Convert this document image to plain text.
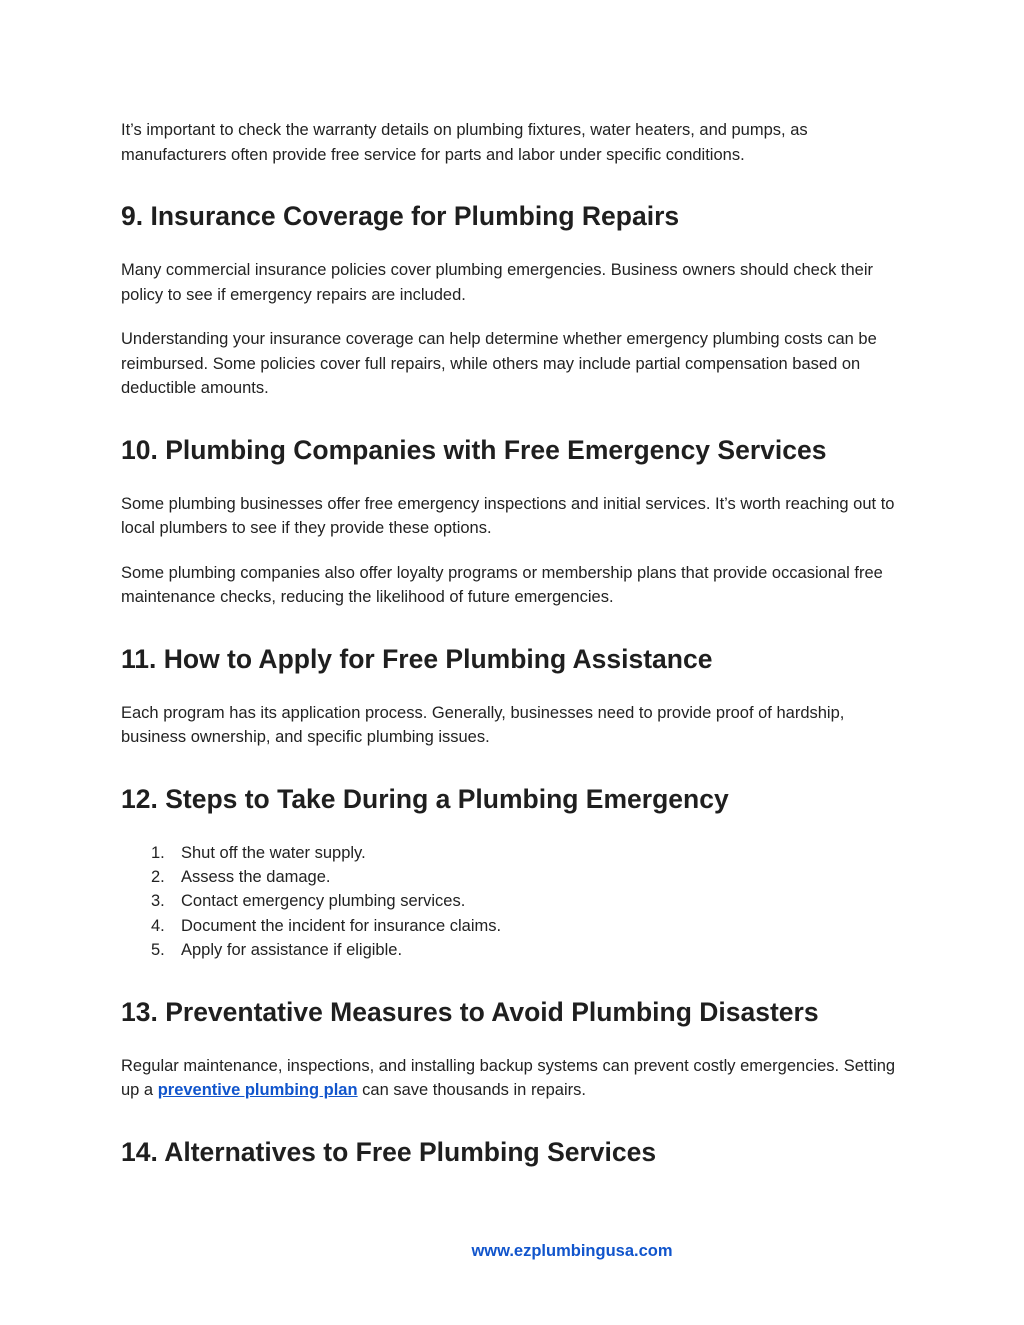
It’s important to check the warranty details on plumbing fixtures, water heaters, and pumps, as manufacturers often provide free service for parts and labor under specific conditions.

9. Insurance Coverage for Plumbing Repairs

Many commercial insurance policies cover plumbing emergencies. Business owners should check their policy to see if emergency repairs are included.

Understanding your insurance coverage can help determine whether emergency plumbing costs can be reimbursed. Some policies cover full repairs, while others may include partial compensation based on deductible amounts.

10. Plumbing Companies with Free Emergency Services

Some plumbing businesses offer free emergency inspections and initial services. It’s worth reaching out to local plumbers to see if they provide these options.

Some plumbing companies also offer loyalty programs or membership plans that provide occasional free maintenance checks, reducing the likelihood of future emergencies.

11. How to Apply for Free Plumbing Assistance

Each program has its application process. Generally, businesses need to provide proof of hardship, business ownership, and specific plumbing issues.

12. Steps to Take During a Plumbing Emergency
1. Shut off the water supply.
2. Assess the damage.
3. Contact emergency plumbing services.
4. Document the incident for insurance claims.
5. Apply for assistance if eligible.
13. Preventative Measures to Avoid Plumbing Disasters

Regular maintenance, inspections, and installing backup systems can prevent costly emergencies. Setting up a preventive plumbing plan can save thousands in repairs.

14. Alternatives to Free Plumbing Services
www.ezplumbingusa.com
